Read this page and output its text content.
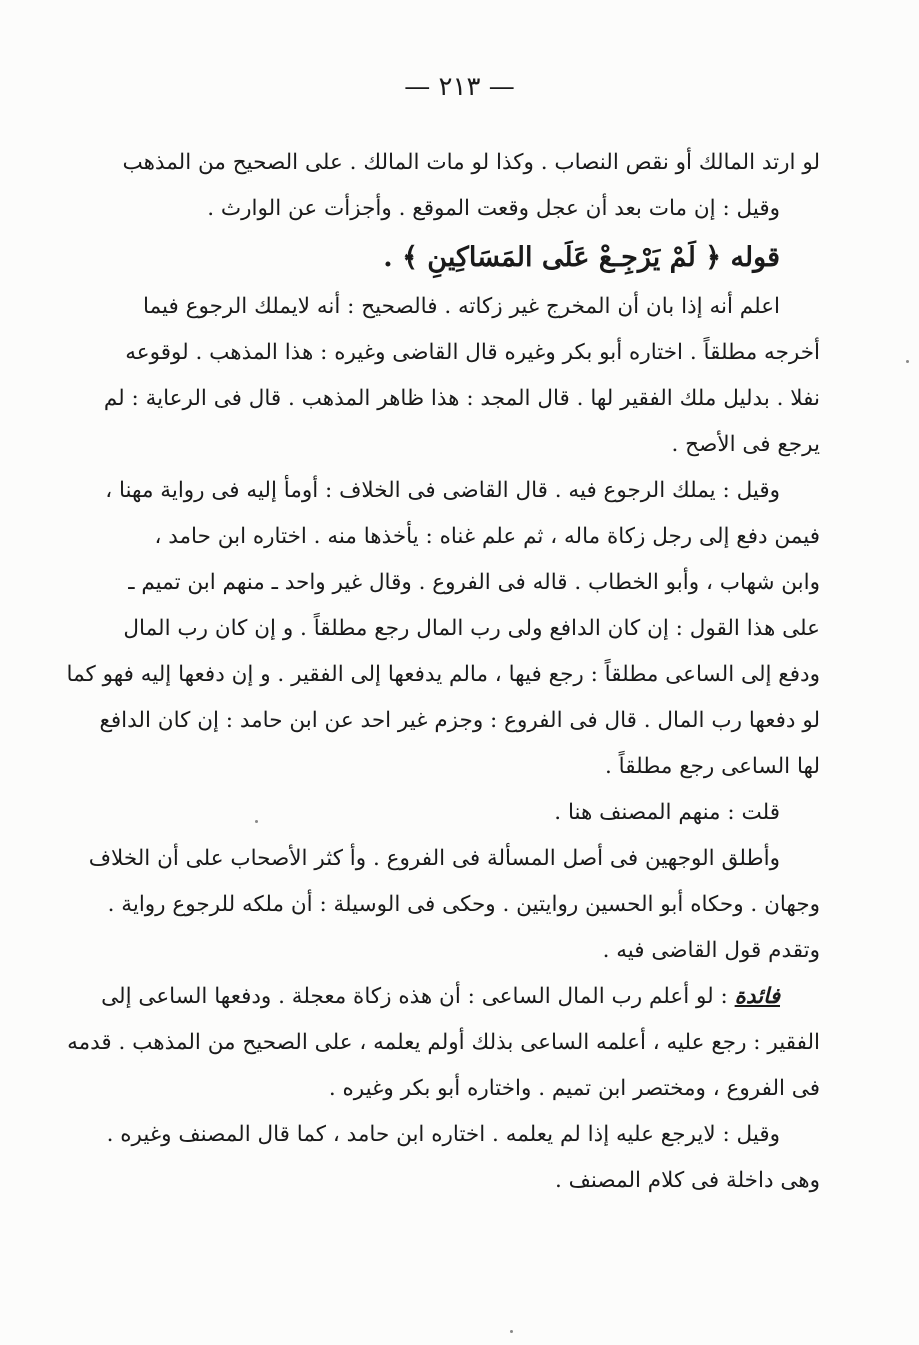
— ٢١٣ —
لو ارتد المالك أو نقص النصاب . وكذا لو مات المالك . على الصحيح من المذهب
وقيل : إن مات بعد أن عجل وقعت الموقع . وأجزأت عن الوارث .
قوله ﴿ لَمْ يَرْجِـعْ عَلَى المَسَاكِينِ ﴾ .
اعلم أنه إذا بان أن المخرج غير زكاته . فالصحيح : أنه لايملك الرجوع فيما
أخرجه مطلقاً . اختاره أبو بكر وغيره قال القاضى وغيره : هذا المذهب . لوقوعه
نفلا . بدليل ملك الفقير لها . قال المجد : هذا ظاهر المذهب . قال فى الرعاية : لم
يرجع فى الأصح .
وقيل : يملك الرجوع فيه . قال القاضى فى الخلاف : أومأ إليه فى رواية مهنا ،
فيمن دفع إلى رجل زكاة ماله ، ثم علم غناه : يأخذها منه . اختاره ابن حامد ،
وابن شهاب ، وأبو الخطاب . قاله فى الفروع . وقال غير واحد ـ منهم ابن تميم ـ
على هذا القول : إن كان الدافع ولى رب المال رجع مطلقاً . و إن كان رب المال
ودفع إلى الساعى مطلقاً : رجع فيها ، مالم يدفعها إلى الفقير . و إن دفعها إليه فهو كما
لو دفعها رب المال . قال فى الفروع : وجزم غير احد عن ابن حامد : إن كان الدافع
لها الساعى رجع مطلقاً .
قلت : منهم المصنف هنا .
وأطلق الوجهين فى أصل المسألة فى الفروع . وأ كثر الأصحاب على أن الخلاف
وجهان . وحكاه أبو الحسين روايتين . وحكى فى الوسيلة : أن ملكه للرجوع رواية .
وتقدم قول القاضى فيه .
فائدة : لو أعلم رب المال الساعى : أن هذه زكاة معجلة . ودفعها الساعى إلى
الفقير : رجع عليه ، أعلمه الساعى بذلك أولم يعلمه ، على الصحيح من المذهب . قدمه
فى الفروع ، ومختصر ابن تميم . واختاره أبو بكر وغيره .
وقيل : لايرجع عليه إذا لم يعلمه . اختاره ابن حامد ، كما قال المصنف وغيره .
وهى داخلة فى كلام المصنف .
